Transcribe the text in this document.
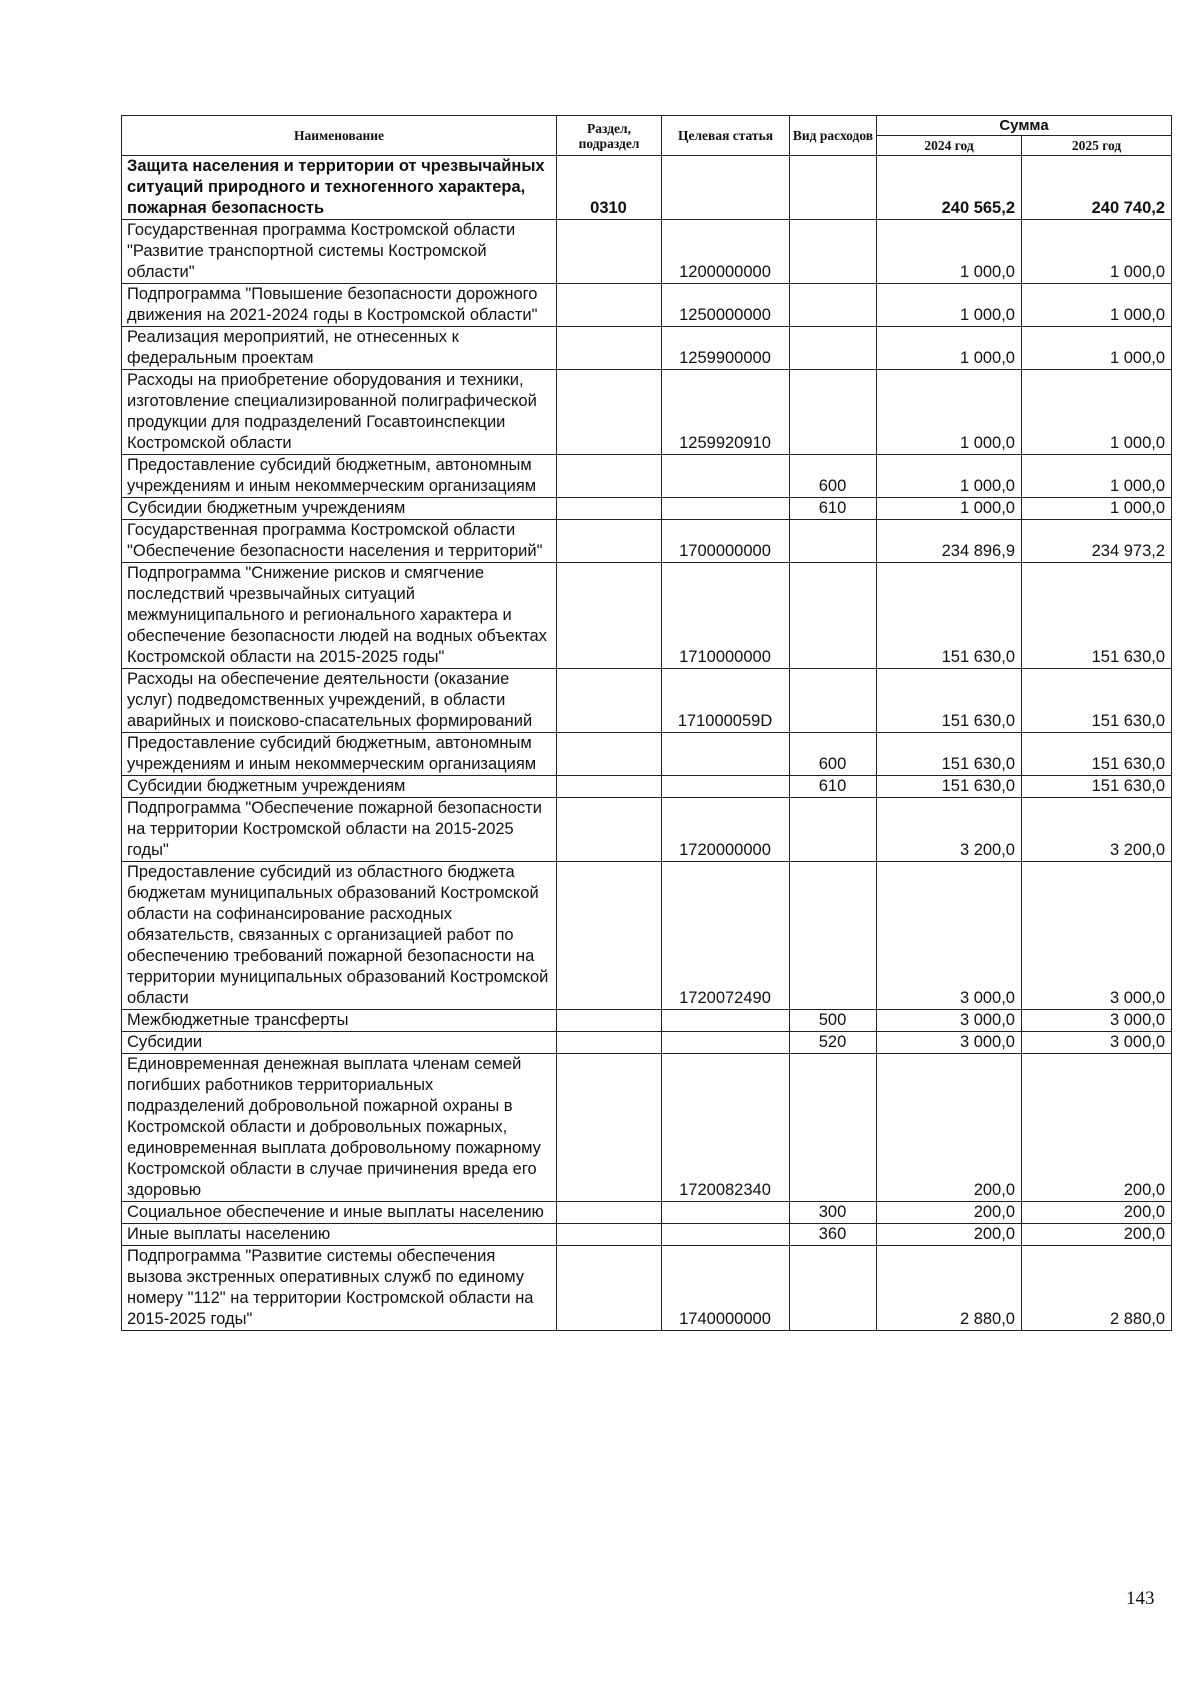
Наименование	Раздел, подраздел	Целевая статья	Вид расходов	Сумма	
				2024 год	2025 год
Защита населения и территории от чрезвычайных ситуаций природного и техногенного характера, пожарная безопасность	0310			240 565,2	240 740,2
Государственная программа Костромской области "Развитие транспортной системы Костромской области"		1200000000		1 000,0	1 000,0
Подпрограмма "Повышение безопасности дорожного движения на 2021-2024 годы в Костромской области"		1250000000		1 000,0	1 000,0
Реализация мероприятий, не отнесенных к федеральным проектам		1259900000		1 000,0	1 000,0
Расходы на приобретение оборудования и техники, изготовление специализированной полиграфической продукции для подразделений Госавтоинспекции Костромской области		1259920910		1 000,0	1 000,0
Предоставление субсидий бюджетным, автономным учреждениям и иным некоммерческим организациям			600	1 000,0	1 000,0
Субсидии бюджетным учреждениям			610	1 000,0	1 000,0
Государственная программа Костромской области "Обеспечение безопасности населения и территорий"		1700000000		234 896,9	234 973,2
Подпрограмма "Снижение рисков и смягчение последствий чрезвычайных ситуаций межмуниципального и регионального характера и обеспечение безопасности людей на водных объектах Костромской области на 2015-2025 годы"		1710000000		151 630,0	151 630,0
Расходы на обеспечение деятельности (оказание услуг) подведомственных учреждений, в области аварийных и поисково-спасательных формирований		171000059D		151 630,0	151 630,0
Предоставление субсидий бюджетным, автономным учреждениям и иным некоммерческим организациям			600	151 630,0	151 630,0
Субсидии бюджетным учреждениям			610	151 630,0	151 630,0
Подпрограмма "Обеспечение пожарной безопасности на территории Костромской области на 2015-2025 годы"		1720000000		3 200,0	3 200,0
Предоставление субсидий из областного бюджета бюджетам муниципальных образований Костромской области на софинансирование расходных обязательств, связанных с организацией работ по обеспечению требований пожарной безопасности на территории муниципальных образований Костромской области		1720072490		3 000,0	3 000,0
Межбюджетные трансферты			500	3 000,0	3 000,0
Субсидии			520	3 000,0	3 000,0
Единовременная денежная выплата членам семей погибших работников территориальных подразделений добровольной пожарной охраны в Костромской области и добровольных пожарных, единовременная выплата добровольному пожарному Костромской области в случае причинения вреда его здоровью		1720082340		200,0	200,0
Социальное обеспечение и иные выплаты населению			300	200,0	200,0
Иные выплаты населению			360	200,0	200,0
Подпрограмма "Развитие системы обеспечения вызова экстренных оперативных служб по единому номеру "112" на территории Костромской области на 2015-2025 годы"		1740000000		2 880,0	2 880,0
143
